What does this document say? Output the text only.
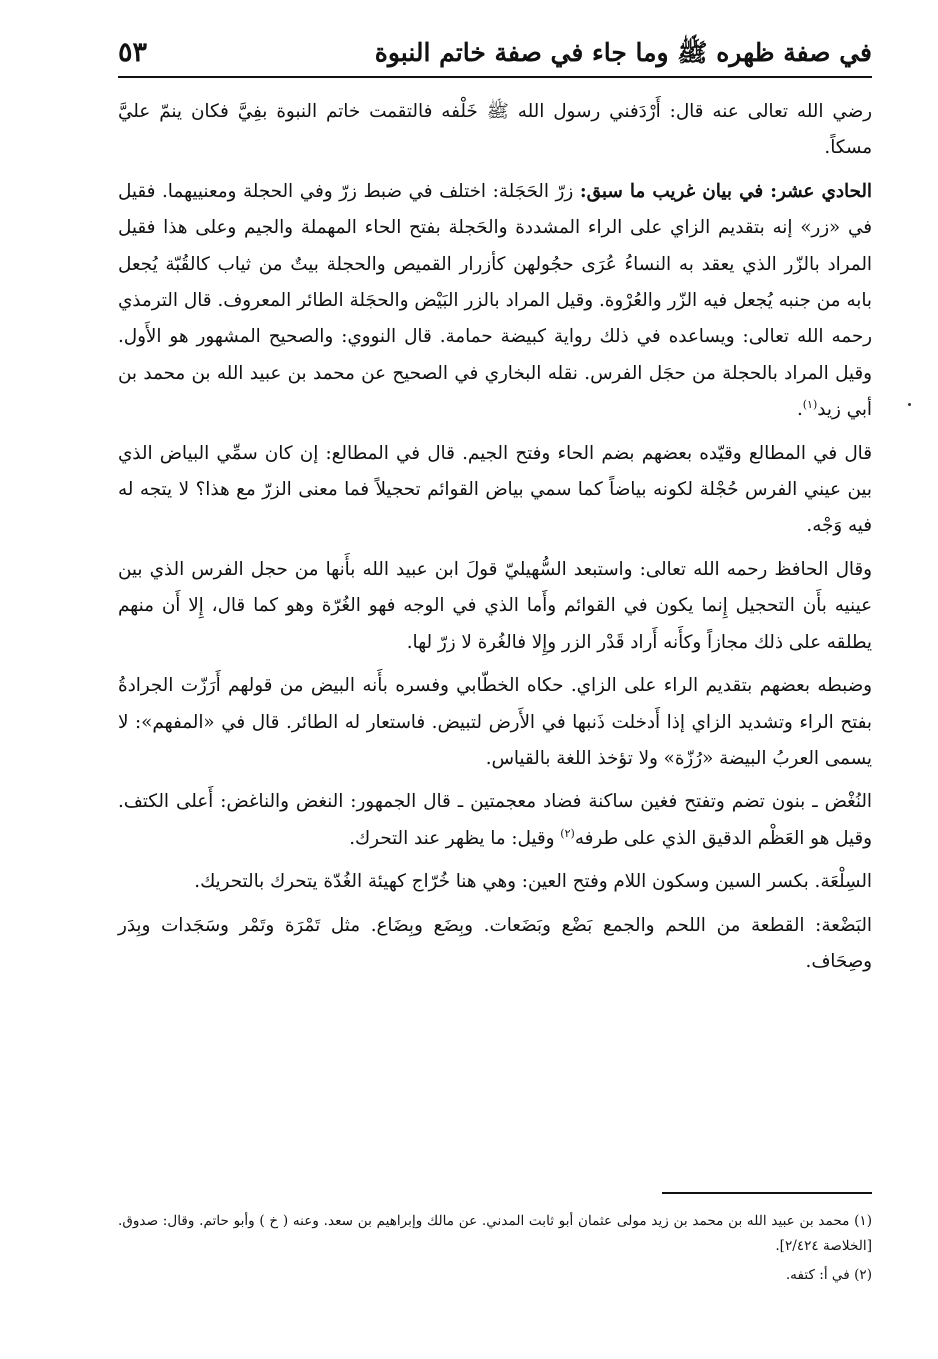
في صفة ظهره ﷺ وما جاء في صفة خاتم النبوة
٥٣

رضي الله تعالى عنه قال: أَرْدَفني رسول الله ﷺ خَلْفه فالتقمت خاتم النبوة بفِيَّ فكان ينمّ عليَّ مسكاً.

الحادي عشر: في بيان غريب ما سبق: زرّ الحَجَلة: اختلف في ضبط زرّ وفي الحجلة ومعنييهما. فقيل في «زر» إنه بتقديم الزاي على الراء المشددة والحَجلة بفتح الحاء المهملة والجيم وعلى هذا فقيل المراد بالزّر الذي يعقد به النساءُ عُرَى حجُولهن كأزرار القميص والحجلة بيتٌ من ثياب كالقُبّة يُجعل بابه من جنبه يُجعل فيه الزّر والعُرْوة. وقيل المراد بالزر البَيْض والحجَلة الطائر المعروف. قال الترمذي رحمه الله تعالى: ويساعده في ذلك رواية كبيضة حمامة. قال النووي: والصحيح المشهور هو الأَول. وقيل المراد بالحجلة من حجَل الفرس. نقله البخاري في الصحيح عن محمد بن عبيد الله بن محمد بن أبي زيد$^{(١)}$.

قال في المطالع وقيّده بعضهم بضم الحاء وفتح الجيم. قال في المطالع: إن كان سمِّي البياض الذي بين عيني الفرس حُجْلة لكونه بياضاً كما سمي بياض القوائم تحجيلاً فما معنى الزرّ مع هذا؟ لا يتجه له فيه وَجْه.

وقال الحافظ رحمه الله تعالى: واستبعد السُّهيليّ قولَ ابن عبيد الله بأَنها من حجل الفرس الذي بين عينيه بأَن التحجيل إِنما يكون في القوائم وأَما الذي في الوجه فهو الغُرّة وهو كما قال، إِلا أَن منهم يطلقه على ذلك مجازاً وكأَنه أَراد قَدْر الزر وإِلا فالغُرة لا زرّ لها.

وضبطه بعضهم بتقديم الراء على الزاي. حكاه الخطّابي وفسره بأَنه البيض من قولهم أَرَزّت الجرادةُ بفتح الراء وتشديد الزاي إذا أَدخلت ذَنبها في الأَرض لتبيض. فاستعار له الطائر. قال في «المفهم»: لا يسمى العربُ البيضة «رُزّة» ولا تؤخذ اللغة بالقياس.

النُغْض ـ بنون تضم وتفتح فغين ساكنة فضاد معجمتين ـ قال الجمهور: النغض والناغض: أَعلى الكتف. وقيل هو العَظْم الدقيق الذي على طرفه$^{(٢)}$ وقيل: ما يظهر عند التحرك.

السِلْعَة. بكسر السين وسكون اللام وفتح العين: وهي هنا خُرّاج كهيئة الغُدّة يتحرك بالتحريك.

البَضْعة: القطعة من اللحم والجمع بَضْع وبَضَعات. وبِضَع وبِضَاع. مثل تَمْرَة وتَمْر وسَجَدات وبِدَر وصِحَاف.

(١) محمد بن عبيد الله بن محمد بن زيد مولى عثمان أبو ثابت المدني. عن مالك وإبراهيم بن سعد. وعنه ( خ ) وأبو حاتم. وقال: صدوق. [الخلاصة ٢/٤٢٤].

(٢) في أ: كتفه.
